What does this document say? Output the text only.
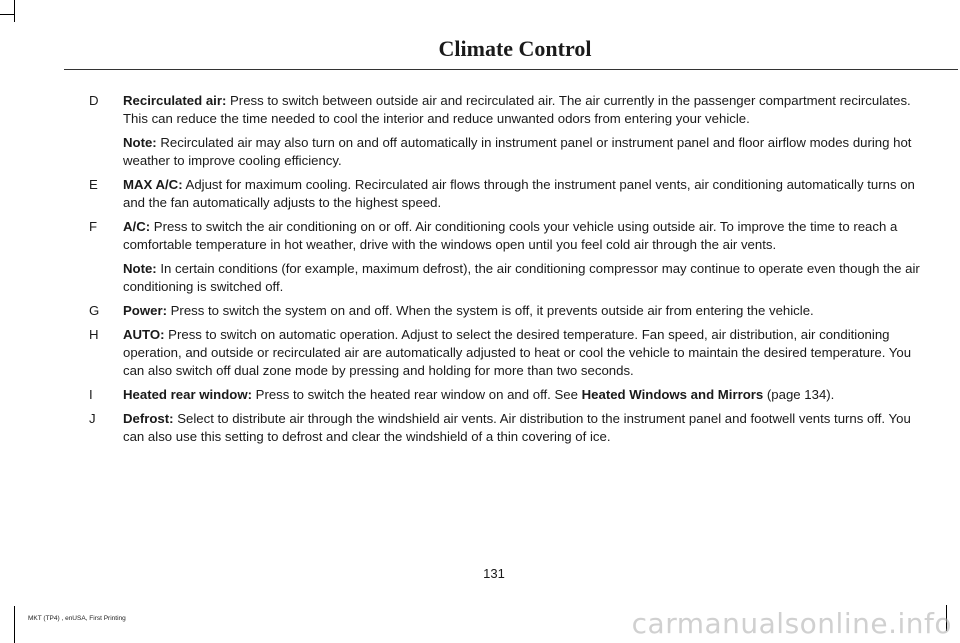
Climate Control
D	Recirculated air: Press to switch between outside air and recirculated air. The air currently in the passenger compartment recirculates. This can reduce the time needed to cool the interior and reduce unwanted odors from entering your vehicle.

Note: Recirculated air may also turn on and off automatically in instrument panel or instrument panel and floor airflow modes during hot weather to improve cooling efficiency.

E	MAX A/C: Adjust for maximum cooling. Recirculated air flows through the instrument panel vents, air conditioning automatically turns on and the fan automatically adjusts to the highest speed.

F	A/C: Press to switch the air conditioning on or off. Air conditioning cools your vehicle using outside air. To improve the time to reach a comfortable temperature in hot weather, drive with the windows open until you feel cold air through the air vents.

Note: In certain conditions (for example, maximum defrost), the air conditioning compressor may continue to operate even though the air conditioning is switched off.

G	Power: Press to switch the system on and off. When the system is off, it prevents outside air from entering the vehicle.

H	AUTO: Press to switch on automatic operation. Adjust to select the desired temperature. Fan speed, air distribution, air conditioning operation, and outside or recirculated air are automatically adjusted to heat or cool the vehicle to maintain the desired temperature. You can also switch off dual zone mode by pressing and holding for more than two seconds.

I	Heated rear window: Press to switch the heated rear window on and off. See Heated Windows and Mirrors (page 134).

J	Defrost: Select to distribute air through the windshield air vents. Air distribution to the instrument panel and footwell vents turns off. You can also use this setting to defrost and clear the windshield of a thin covering of ice.

131
MKT (TP4) , enUSA, First Printing	carmanualsonline.info
